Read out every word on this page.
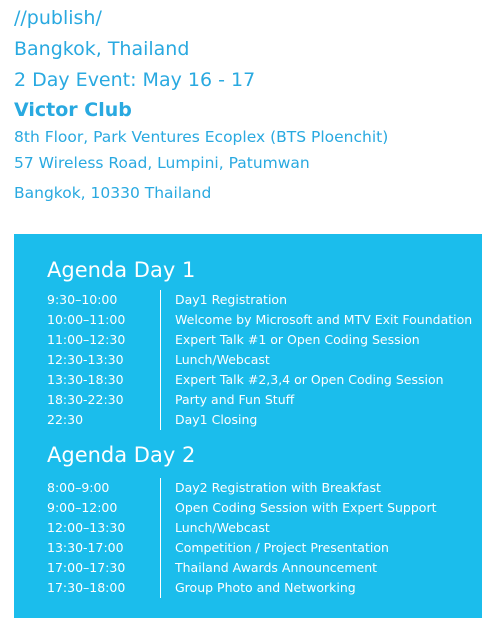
//publish/
Bangkok, Thailand
2 Day Event: May 16 - 17
Victor Club
8th Floor, Park Ventures Ecoplex (BTS Ploenchit)
57 Wireless Road, Lumpini, Patumwan
Bangkok, 10330 Thailand
Agenda Day 1
9:30–10:00	Day1 Registration
10:00–11:00	Welcome by Microsoft and MTV Exit Foundation
11:00–12:30	Expert Talk #1 or Open Coding Session
12:30-13:30	Lunch/Webcast
13:30-18:30	Expert Talk #2,3,4 or Open Coding Session
18:30-22:30	Party and Fun Stuff
22:30	Day1 Closing
Agenda Day 2
8:00–9:00	Day2 Registration with Breakfast
9:00–12:00	Open Coding Session with Expert Support
12:00–13:30	Lunch/Webcast
13:30-17:00	Competition / Project Presentation
17:00–17:30	Thailand Awards Announcement
17:30–18:00	Group Photo and Networking
